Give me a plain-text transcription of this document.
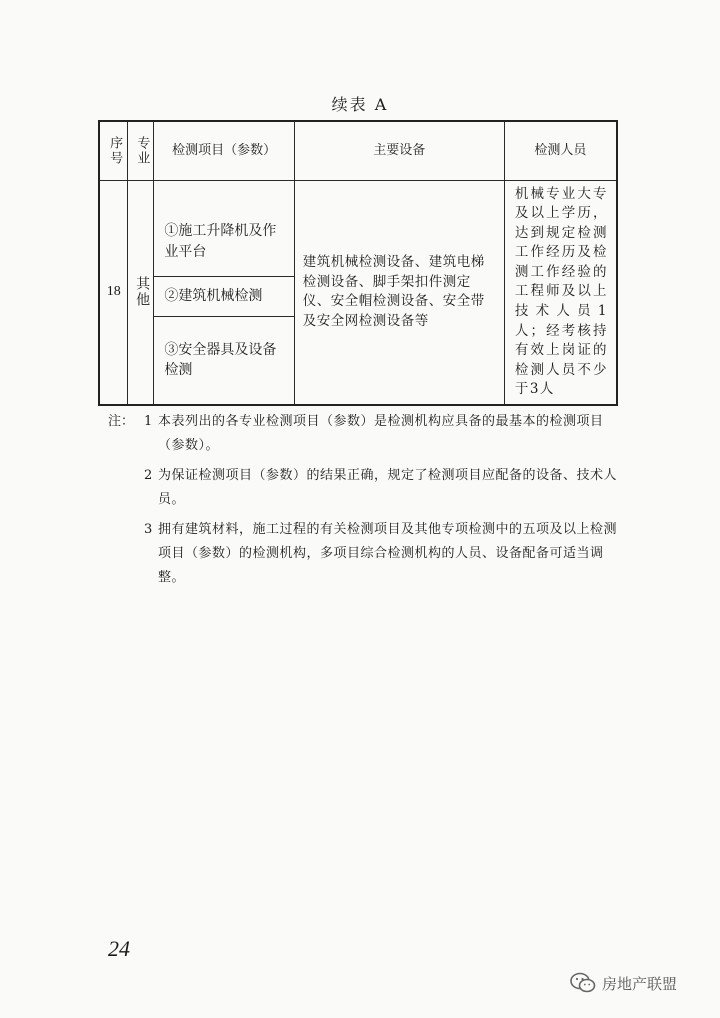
续表 A
序号	专业	检测项目（参数）	主要设备	检测人员
18	其他	①施工升降机及作业平台	建筑机械检测设备、建筑电梯检测设备、脚手架扣件测定仪、安全帽检测设备、安全带及安全网检测设备等	机械专业大专及以上学历，达到规定检测工作经历及检测工作经验的工程师及以上技术人员1人；经考核持有效上岗证的检测人员不少于3人
		②建筑机械检测		
		③安全器具及设备检测		
注： 1 本表列出的各专业检测项目（参数）是检测机构应具备的最基本的检测项目（参数）。
2 为保证检测项目（参数）的结果正确，规定了检测项目应配备的设备、技术人员。
3 拥有建筑材料，施工过程的有关检测项目及其他专项检测中的五项及以上检测项目（参数）的检测机构，多项目综合检测机构的人员、设备配备可适当调整。
24
房地产联盟
